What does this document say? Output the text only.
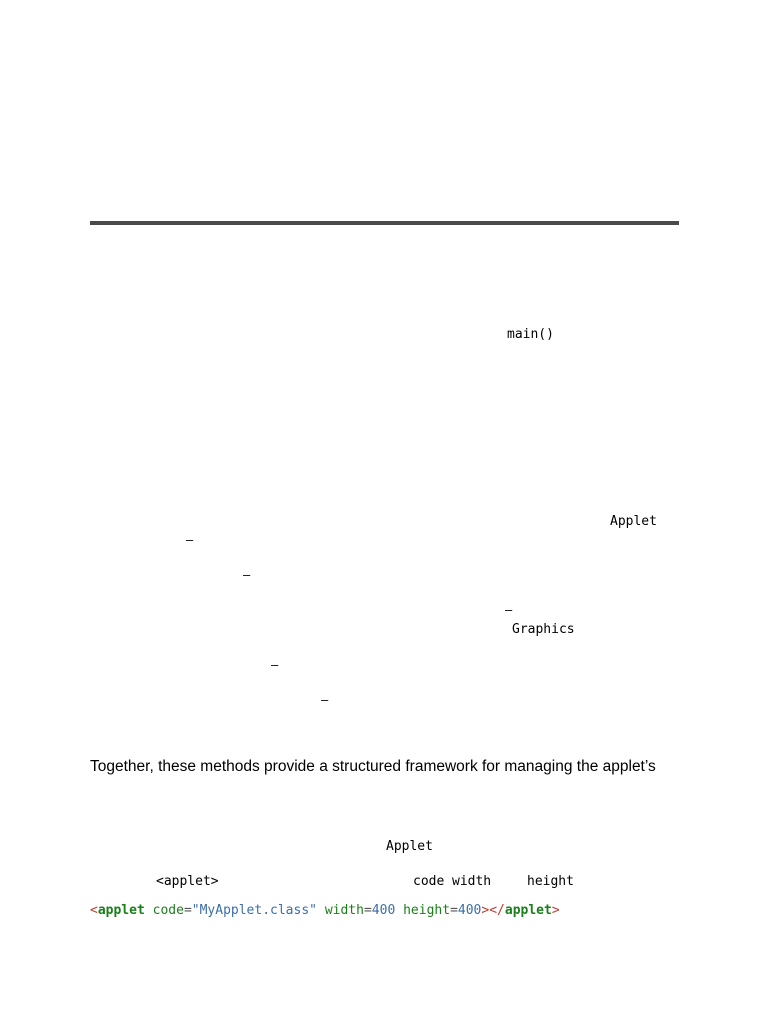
main()
Applet
–
–
–
Graphics
–
–
Together, these methods provide a structured framework for managing the applet’s
Applet
<applet>	code width	height
<applet code="MyApplet.class" width=400 height=400></applet>
